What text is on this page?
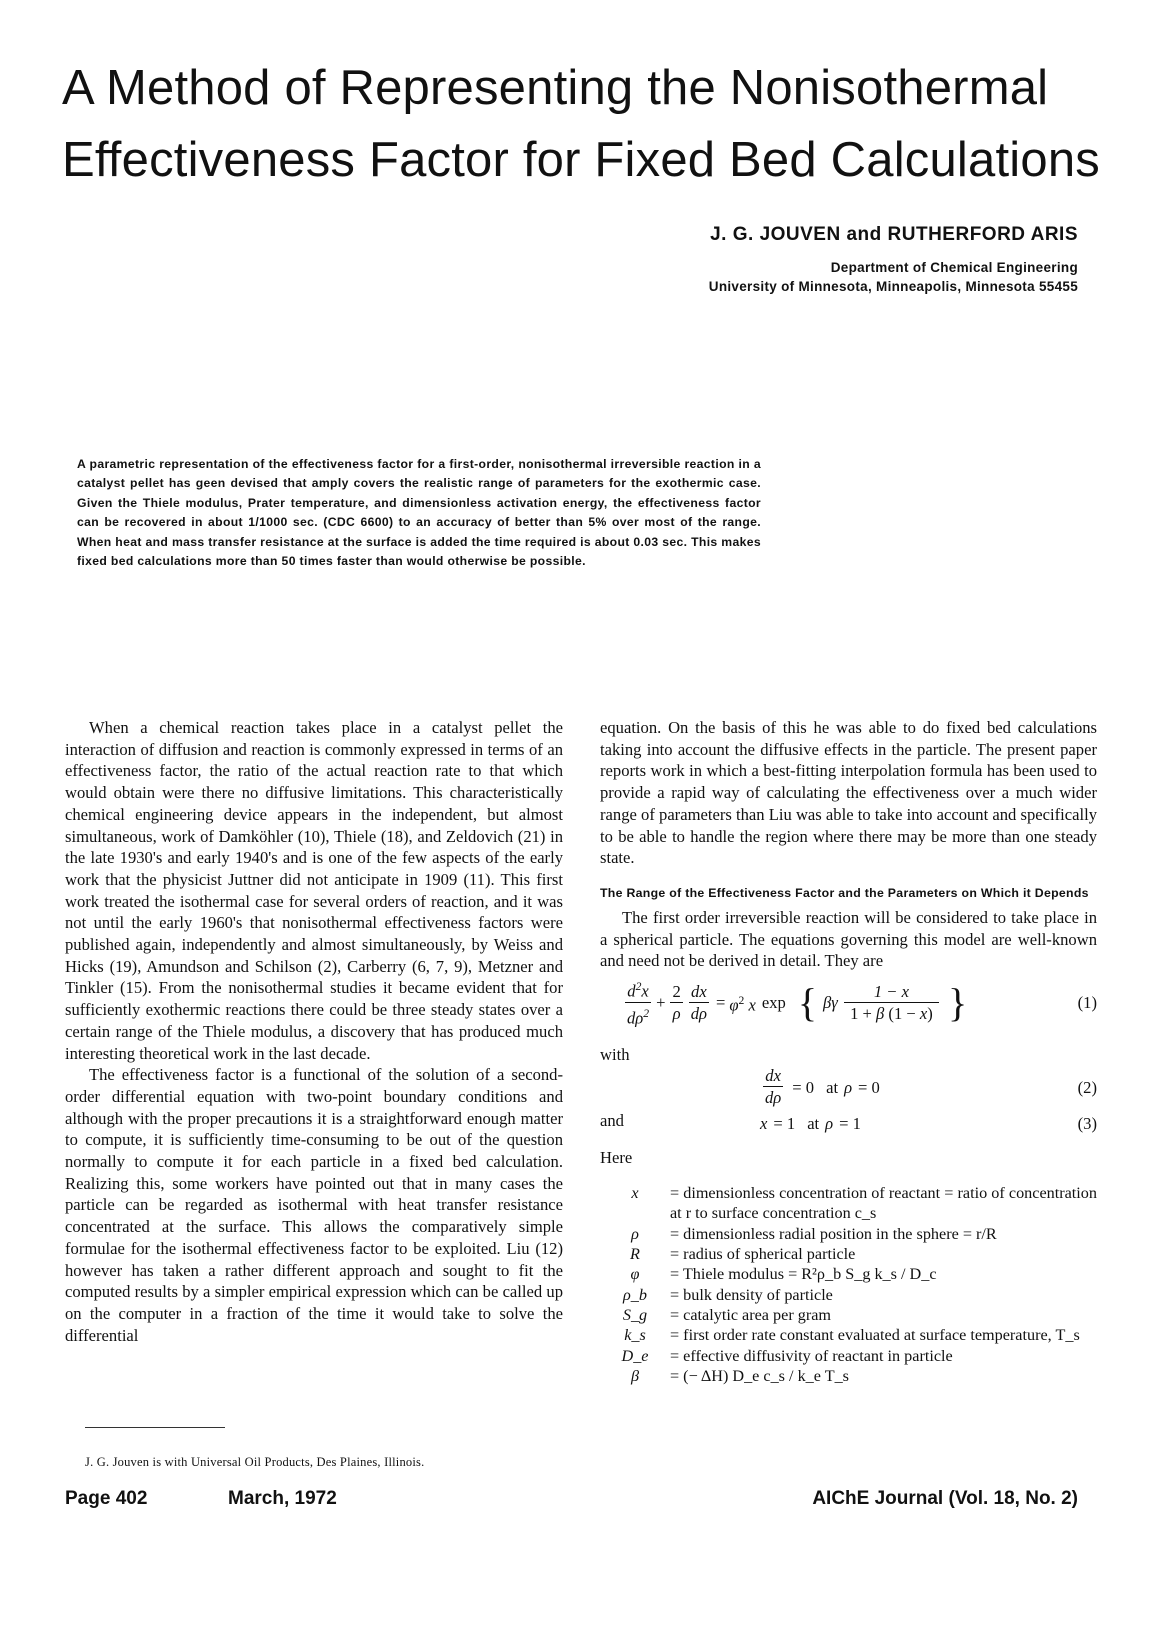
A Method of Representing the Nonisothermal
Effectiveness Factor for Fixed Bed Calculations
J. G. JOUVEN and RUTHERFORD ARIS
Department of Chemical Engineering
University of Minnesota, Minneapolis, Minnesota 55455

A parametric representation of the effectiveness factor for a first-order, nonisothermal irreversible reaction in a catalyst pellet has geen devised that amply covers the realistic range of parameters for the exothermic case. Given the Thiele modulus, Prater temperature, and dimensionless activation energy, the effectiveness factor can be recovered in about 1/1000 sec. (CDC 6600) to an accuracy of better than 5% over most of the range. When heat and mass transfer resistance at the surface is added the time required is about 0.03 sec. This makes fixed bed calculations more than 50 times faster than would otherwise be possible.

When a chemical reaction takes place in a catalyst pellet the interaction of diffusion and reaction is commonly expressed in terms of an effectiveness factor, the ratio of the actual reaction rate to that which would obtain were there no diffusive limitations. This characteristically chemical engineering device appears in the independent, but almost simultaneous, work of Damköhler (10), Thiele (18), and Zeldovich (21) in the late 1930's and early 1940's and is one of the few aspects of the early work that the physicist Juttner did not anticipate in 1909 (11). This first work treated the isothermal case for several orders of reaction, and it was not until the early 1960's that nonisothermal effectiveness factors were published again, independently and almost simultaneously, by Weiss and Hicks (19), Amundson and Schilson (2), Carberry (6, 7, 9), Metzner and Tinkler (15). From the nonisothermal studies it became evident that for sufficiently exothermic reactions there could be three steady states over a certain range of the Thiele modulus, a discovery that has produced much interesting theoretical work in the last decade.

The effectiveness factor is a functional of the solution of a second-order differential equation with two-point boundary conditions and although with the proper precautions it is a straightforward enough matter to compute, it is sufficiently time-consuming to be out of the question normally to compute it for each particle in a fixed bed calculation. Realizing this, some workers have pointed out that in many cases the particle can be regarded as isothermal with heat transfer resistance concentrated at the surface. This allows the comparatively simple formulae for the isothermal effectiveness factor to be exploited. Liu (12) however has taken a rather different approach and sought to fit the computed results by a simpler empirical expression which can be called up on the computer in a fraction of the time it would take to solve the differential

equation. On the basis of this he was able to do fixed bed calculations taking into account the diffusive effects in the particle. The present paper reports work in which a best-fitting interpolation formula has been used to provide a rapid way of calculating the effectiveness over a much wider range of parameters than Liu was able to take into account and specifically to be able to handle the region where there may be more than one steady state.

The Range of the Effectiveness Factor and the Parameters on Which it Depends

The first order irreversible reaction will be considered to take place in a spherical particle. The equations governing this model are well-known and need not be derived in detail. They are

$\frac{d^2x}{d\rho^2} + \frac{2}{\rho} \frac{dx}{d\rho} = \varphi^2$ x exp { βγ $\frac{1 - x}{1 + \beta (1 - x)}$ }	(1)

with

$\frac{dx}{d\rho} = 0$ at ρ = 0	(2)

and	x = 1 at ρ = 1	(3)

Here

x	= dimensionless concentration of reactant = ratio of concentration at r to surface concentration c_s
ρ	= dimensionless radial position in the sphere = r/R
R	= radius of spherical particle
φ	= Thiele modulus = R²ρ_b S_g k_s / D_c
ρ_b	= bulk density of particle
S_g	= catalytic area per gram
k_s	= first order rate constant evaluated at surface temperature, T_s
D_e	= effective diffusivity of reactant in particle
β	= (− ΔH) D_e c_s / k_e T_s
J. G. Jouven is with Universal Oil Products, Des Plaines, Illinois.
Page 402	March, 1972	AIChE Journal (Vol. 18, No. 2)
